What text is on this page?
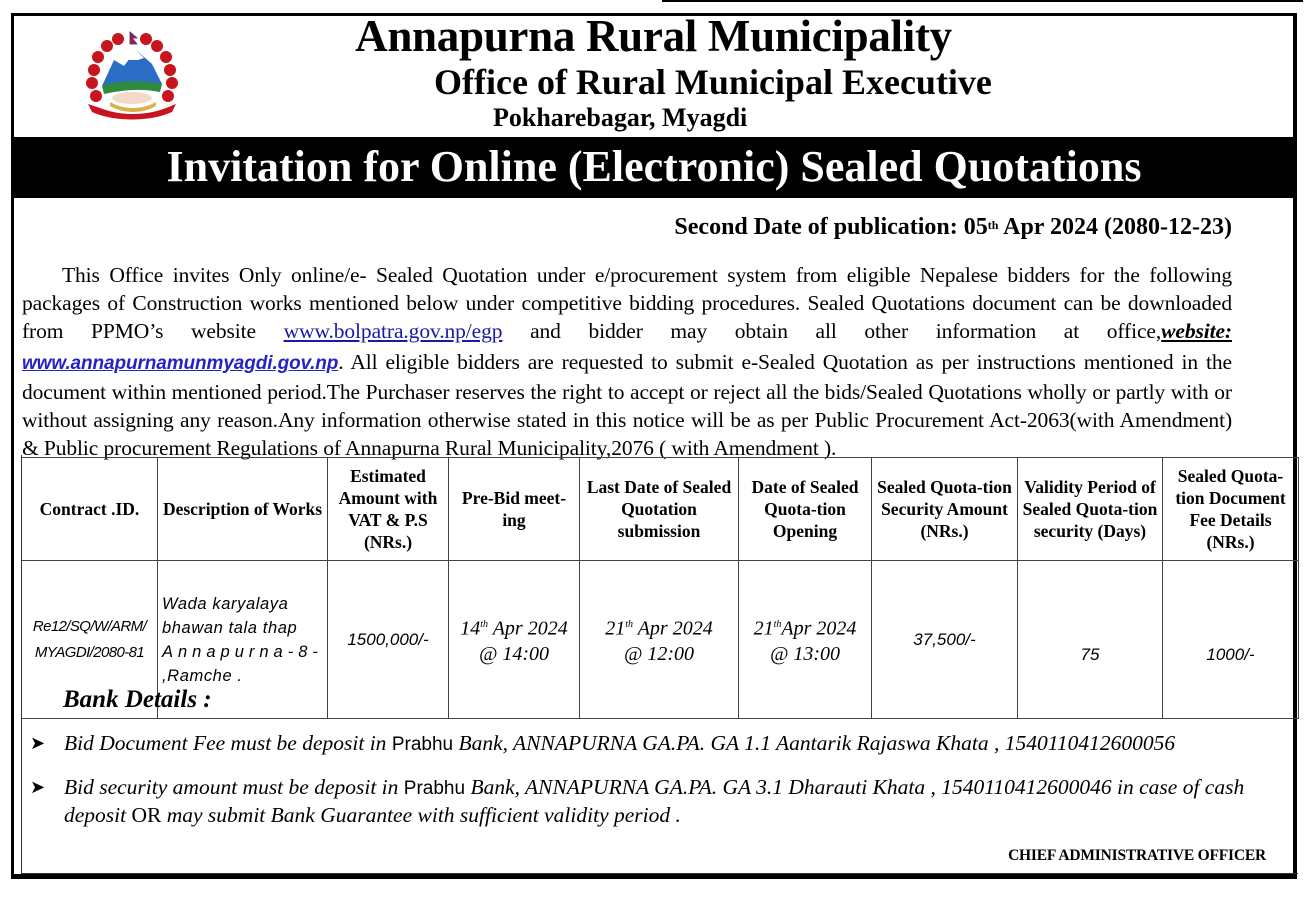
Annapurna Rural Municipality
Office of Rural Municipal Executive
Pokharebagar, Myagdi
Invitation for Online (Electronic) Sealed Quotations
Second Date of publication: 05th Apr 2024 (2080-12-23)
This Office invites Only online/e- Sealed Quotation under e/procurement system from eligible Nepalese bidders for the following packages of Construction works mentioned below under competitive bidding procedures. Sealed Quotations document can be downloaded from PPMO’s website www.bolpatra.gov.np/egp and bidder may obtain all other information at office,website: www.annapurnamunmyagdi.gov.np. All eligible bidders are requested to submit e-Sealed Quotation as per instructions mentioned in the document within mentioned period.The Purchaser reserves the right to accept or reject all the bids/Sealed Quotations wholly or partly with or without assigning any reason.Any information otherwise stated in this notice will be as per Public Procurement Act-2063(with Amendment) & Public procurement Regulations of Annapurna Rural Municipality,2076 ( with Amendment ).
Contract .ID.	Description of Works	Estimated Amount with VAT & P.S (NRs.)	Pre-Bid meet-ing	Last Date of Sealed Quotation submission	Date of Sealed Quota-tion Opening	Sealed Quota-tion Security Amount (NRs.)	Validity Period of Sealed Quota-tion security (Days)	Sealed Quota-tion Document Fee Details (NRs.)
Re12/SQ/W/ARM/
MYAGDI/2080-81	Wada karyalaya
bhawan tala thap
Annapurna-8-
,Ramche .	1500,000/-	14th Apr 2024
@ 14:00	21th Apr 2024
@ 12:00	21thApr 2024
@ 13:00	37,500/-	75	1000/-
Bank Details :
➤ Bid Document Fee must be deposit in Prabhu Bank, ANNAPURNA GA.PA. GA 1.1 Aantarik Rajaswa Khata , 1540110412600056
➤ Bid security amount must be deposit in Prabhu Bank, ANNAPURNA GA.PA. GA 3.1 Dharauti Khata , 1540110412600046 in case of cash deposit OR may submit Bank Guarantee with sufficient validity period .
CHIEF ADMINISTRATIVE OFFICER
